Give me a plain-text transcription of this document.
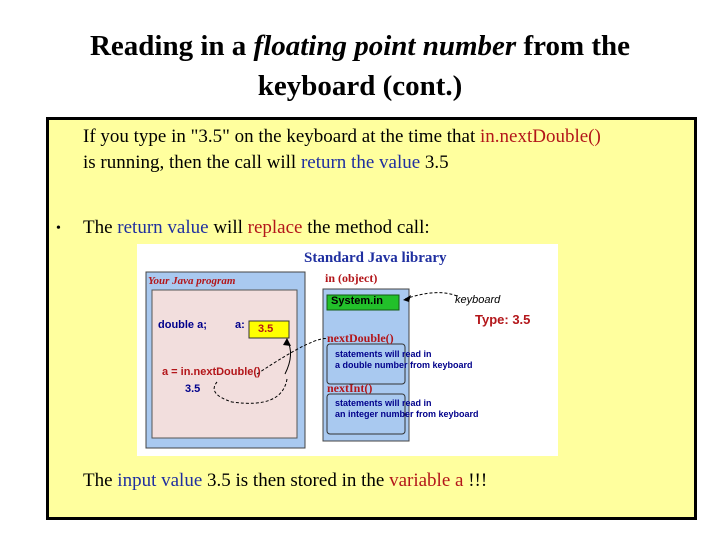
Reading in a floating point number from the
keyboard (cont.)
If you type in "3.5" on the keyboard at the time that in.nextDouble()
is running, then the call will return the value 3.5
• The return value will replace the method call:
Standard Java library
in (object)
Your Java program
System.in	keyboard
Type: 3.5
double a;	a: 3.5
nextDouble()
statements will read in
a double number from keyboard
a = in.nextDouble()
3.5	nextInt()
statements will read in
an integer number from keyboard
The input value 3.5 is then stored in the variable a !!!
